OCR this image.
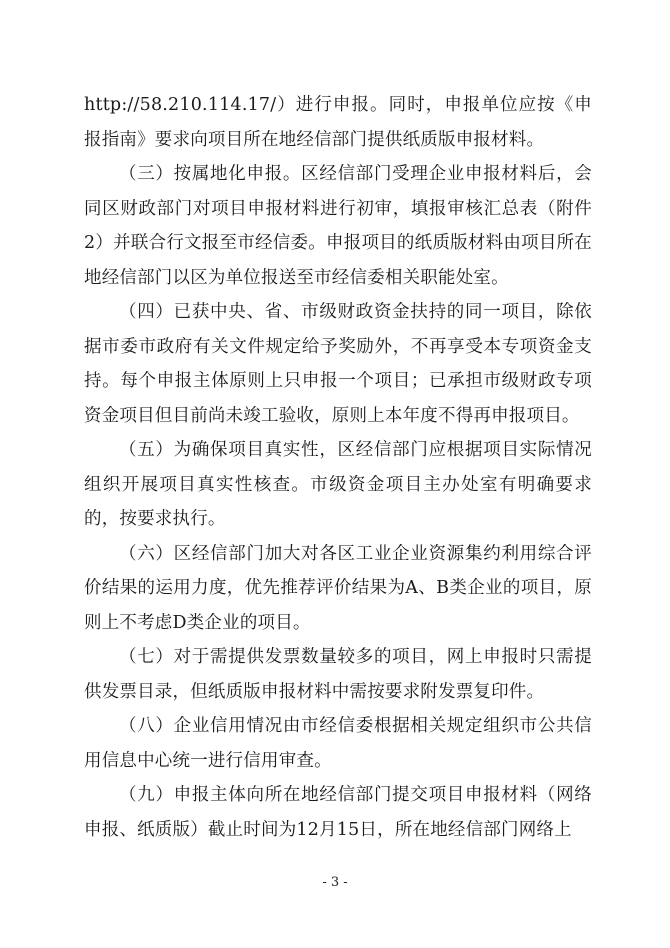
http://58.210.114.17/）进行申报。同时，申报单位应按《申报指南》要求向项目所在地经信部门提供纸质版申报材料。

（三）按属地化申报。区经信部门受理企业申报材料后，会同区财政部门对项目申报材料进行初审，填报审核汇总表（附件2）并联合行文报至市经信委。申报项目的纸质版材料由项目所在地经信部门以区为单位报送至市经信委相关职能处室。

（四）已获中央、省、市级财政资金扶持的同一项目，除依据市委市政府有关文件规定给予奖励外，不再享受本专项资金支持。每个申报主体原则上只申报一个项目；已承担市级财政专项资金项目但目前尚未竣工验收，原则上本年度不得再申报项目。

（五）为确保项目真实性，区经信部门应根据项目实际情况组织开展项目真实性核查。市级资金项目主办处室有明确要求的，按要求执行。

（六）区经信部门加大对各区工业企业资源集约利用综合评价结果的运用力度，优先推荐评价结果为A、B类企业的项目，原则上不考虑D类企业的项目。

（七）对于需提供发票数量较多的项目，网上申报时只需提供发票目录，但纸质版申报材料中需按要求附发票复印件。

（八）企业信用情况由市经信委根据相关规定组织市公共信用信息中心统一进行信用审查。

（九）申报主体向所在地经信部门提交项目申报材料（网络申报、纸质版）截止时间为12月15日，所在地经信部门网络上

- 3 -
